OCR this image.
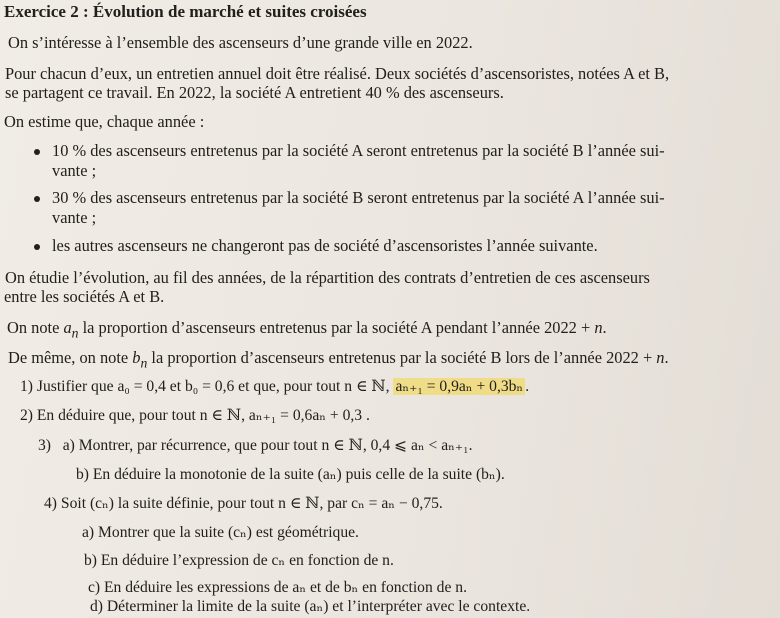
Exercice 2 : Évolution de marché et suites croisées
On s’intéresse à l’ensemble des ascenseurs d’une grande ville en 2022.
Pour chacun d’eux, un entretien annuel doit être réalisé. Deux sociétés d’ascensoristes, notées A et B,
se partagent ce travail. En 2022, la société A entretient 40 % des ascenseurs.
On estime que, chaque année :
10 % des ascenseurs entretenus par la société A seront entretenus par la société B l’année sui-
vante ;
30 % des ascenseurs entretenus par la société B seront entretenus par la société A l’année sui-
vante ;
les autres ascenseurs ne changeront pas de société d’ascensoristes l’année suivante.
On étudie l’évolution, au fil des années, de la répartition des contrats d’entretien de ces ascenseurs
entre les sociétés A et B.
On note $a_n$ la proportion d’ascenseurs entretenus par la société A pendant l’année 2022 + n.
De même, on note $b_n$ la proportion d’ascenseurs entretenus par la société B lors de l’année 2022 + n.
1) Justifier que a₀ = 0,4 et b₀ = 0,6 et que, pour tout n ∈ ℕ, aₙ₊₁ = 0,9aₙ + 0,3bₙ .
2) En déduire que, pour tout n ∈ ℕ, aₙ₊₁ = 0,6aₙ + 0,3 .
3) a) Montrer, par récurrence, que pour tout n ∈ ℕ, 0,4 ⩽ aₙ < aₙ₊₁.
b) En déduire la monotonie de la suite (aₙ) puis celle de la suite (bₙ).
4) Soit (cₙ) la suite définie, pour tout n ∈ ℕ, par cₙ = aₙ − 0,75.
a) Montrer que la suite (cₙ) est géométrique.
b) En déduire l’expression de cₙ en fonction de n.
c) En déduire les expressions de aₙ et de bₙ en fonction de n.
d) Déterminer la limite de la suite (aₙ) et l’interpréter avec le contexte.
